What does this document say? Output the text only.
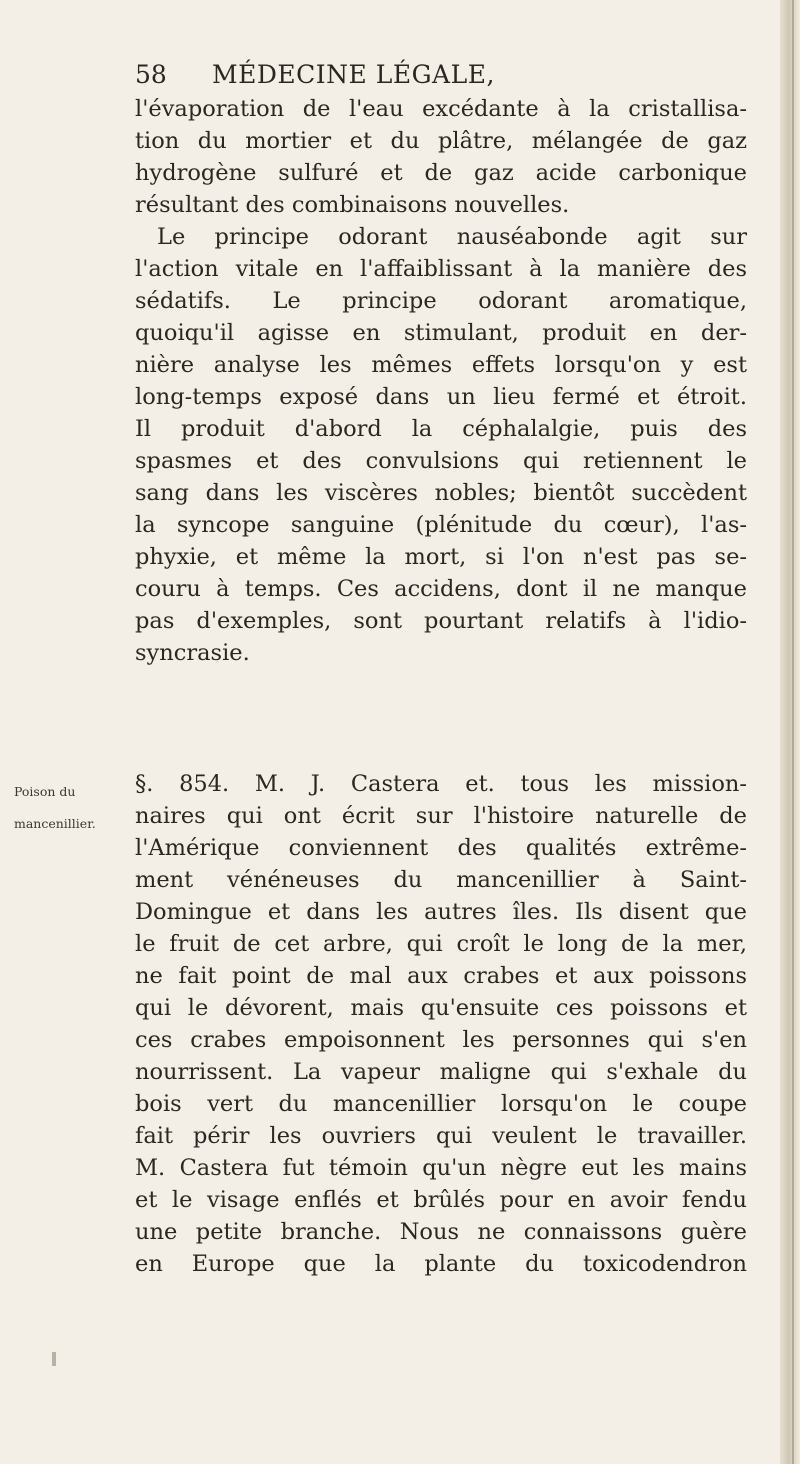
58 MÉDECINE LÉGALE,
l'évaporation de l'eau excédante à la cristallisa-
tion du mortier et du plâtre, mélangée de gaz
hydrogène sulfuré et de gaz acide carbonique
résultant des combinaisons nouvelles.
Le principe odorant nauséabonde agit sur
l'action vitale en l'affaiblissant à la manière des
sédatifs. Le principe odorant aromatique,
quoiqu'il agisse en stimulant, produit en der-
nière analyse les mêmes effets lorsqu'on y est
long-temps exposé dans un lieu fermé et étroit.
Il produit d'abord la céphalalgie, puis des
spasmes et des convulsions qui retiennent le
sang dans les viscères nobles; bientôt succèdent
la syncope sanguine (plénitude du cœur), l'as-
phyxie, et même la mort, si l'on n'est pas se-
couru à temps. Ces accidens, dont il ne manque
pas d'exemples, sont pourtant relatifs à l'idio-
syncrasie.
Poison du
mancenillier.
§. 854. M. J. Castera et. tous les mission-
naires qui ont écrit sur l'histoire naturelle de
l'Amérique conviennent des qualités extrême-
ment vénéneuses du mancenillier à Saint-
Domingue et dans les autres îles. Ils disent que
le fruit de cet arbre, qui croît le long de la mer,
ne fait point de mal aux crabes et aux poissons
qui le dévorent, mais qu'ensuite ces poissons et
ces crabes empoisonnent les personnes qui s'en
nourrissent. La vapeur maligne qui s'exhale du
bois vert du mancenillier lorsqu'on le coupe
fait périr les ouvriers qui veulent le travailler.
M. Castera fut témoin qu'un nègre eut les mains
et le visage enflés et brûlés pour en avoir fendu
une petite branche. Nous ne connaissons guère
en Europe que la plante du toxicodendron
